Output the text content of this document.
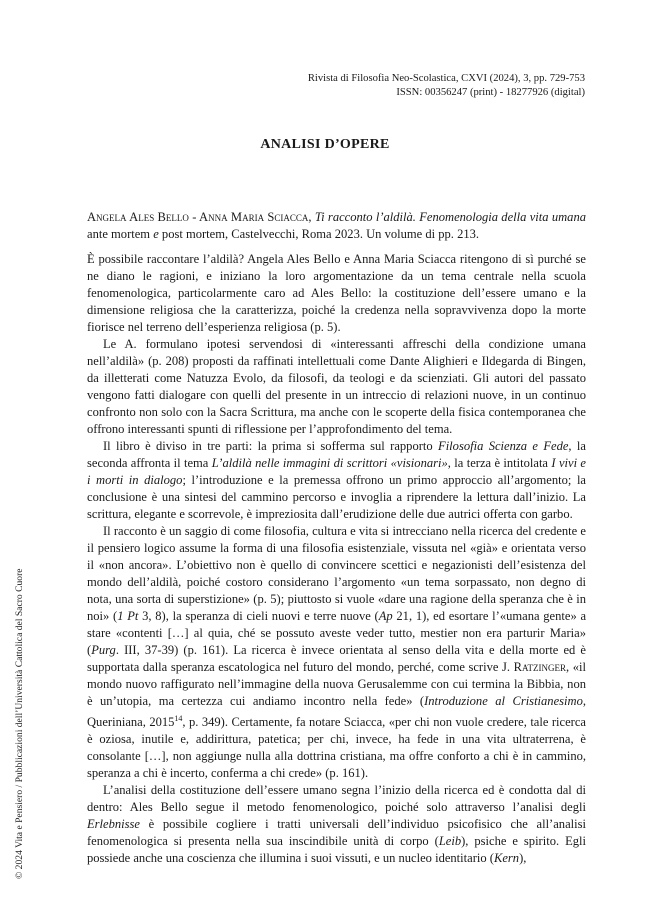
Rivista di Filosofia Neo-Scolastica, CXVI (2024), 3, pp. 729-753
ISSN: 00356247 (print) - 18277926 (digital)
ANALISI D’OPERE

Angela Ales Bello - Anna Maria Sciacca, Ti racconto l’aldilà. Fenomenologia della vita umana ante mortem e post mortem, Castelvecchi, Roma 2023. Un volume di pp. 213.

È possibile raccontare l’aldilà? Angela Ales Bello e Anna Maria Sciacca ritengono di sì purché se ne diano le ragioni, e iniziano la loro argomentazione da un tema centrale nella scuola fenomenologica, particolarmente caro ad Ales Bello: la costituzione dell’essere umano e la dimensione religiosa che la caratterizza, poiché la credenza nella sopravvivenza dopo la morte fiorisce nel terreno dell’esperienza religiosa (p. 5).

Le A. formulano ipotesi servendosi di «interessanti affreschi della condizione umana nell’aldilà» (p. 208) proposti da raffinati intellettuali come Dante Alighieri e Ildegarda di Bingen, da illetterati come Natuzza Evolo, da filosofi, da teologi e da scienziati. Gli autori del passato vengono fatti dialogare con quelli del presente in un intreccio di relazioni nuove, in un continuo confronto non solo con la Sacra Scrittura, ma anche con le scoperte della fisica contemporanea che offrono interessanti spunti di riflessione per l’approfondimento del tema.

Il libro è diviso in tre parti: la prima si sofferma sul rapporto Filosofia Scienza e Fede, la seconda affronta il tema L’aldilà nelle immagini di scrittori «visionari», la terza è intitolata I vivi e i morti in dialogo; l’introduzione e la premessa offrono un primo approccio all’argomento; la conclusione è una sintesi del cammino percorso e invoglia a riprendere la lettura dall’inizio. La scrittura, elegante e scorrevole, è impreziosita dall’erudizione delle due autrici offerta con garbo.

Il racconto è un saggio di come filosofia, cultura e vita si intrecciano nella ricerca del credente e il pensiero logico assume la forma di una filosofia esistenziale, vissuta nel «già» e orientata verso il «non ancora». L’obiettivo non è quello di convincere scettici e negazionisti dell’esistenza del mondo dell’aldilà, poiché costoro considerano l’argomento «un tema sorpassato, non degno di nota, una sorta di superstizione» (p. 5); piuttosto si vuole «dare una ragione della speranza che è in noi» (1 Pt 3, 8), la speranza di cieli nuovi e terre nuove (Ap 21, 1), ed esortare l’«umana gente» a stare «contenti […] al quia, ché se possuto aveste veder tutto, mestier non era parturir Maria» (Purg. III, 37-39) (p. 161). La ricerca è invece orientata al senso della vita e della morte ed è supportata dalla speranza escatologica nel futuro del mondo, perché, come scrive J. Ratzinger, «il mondo nuovo raffigurato nell’immagine della nuova Gerusalemme con cui termina la Bibbia, non è un’utopia, ma certezza cui andiamo incontro nella fede» (Introduzione al Cristianesimo, Queriniana, 2015$^{14}$, p. 349). Certamente, fa notare Sciacca, «per chi non vuole credere, tale ricerca è oziosa, inutile e, addirittura, patetica; per chi, invece, ha fede in una vita ultraterrena, è consolante […], non aggiunge nulla alla dottrina cristiana, ma offre conforto a chi è in cammino, speranza a chi è incerto, conferma a chi crede» (p. 161).

L’analisi della costituzione dell’essere umano segna l’inizio della ricerca ed è condotta dal di dentro: Ales Bello segue il metodo fenomenologico, poiché solo attraverso l’analisi degli Erlebnisse è possibile cogliere i tratti universali dell’individuo psicofisico che all’analisi fenomenologica si presenta nella sua inscindibile unità di corpo (Leib), psiche e spirito. Egli possiede anche una coscienza che illumina i suoi vissuti, e un nucleo identitario (Kern),

© 2024 Vita e Pensiero / Pubblicazioni dell’Università Cattolica del Sacro Cuore
